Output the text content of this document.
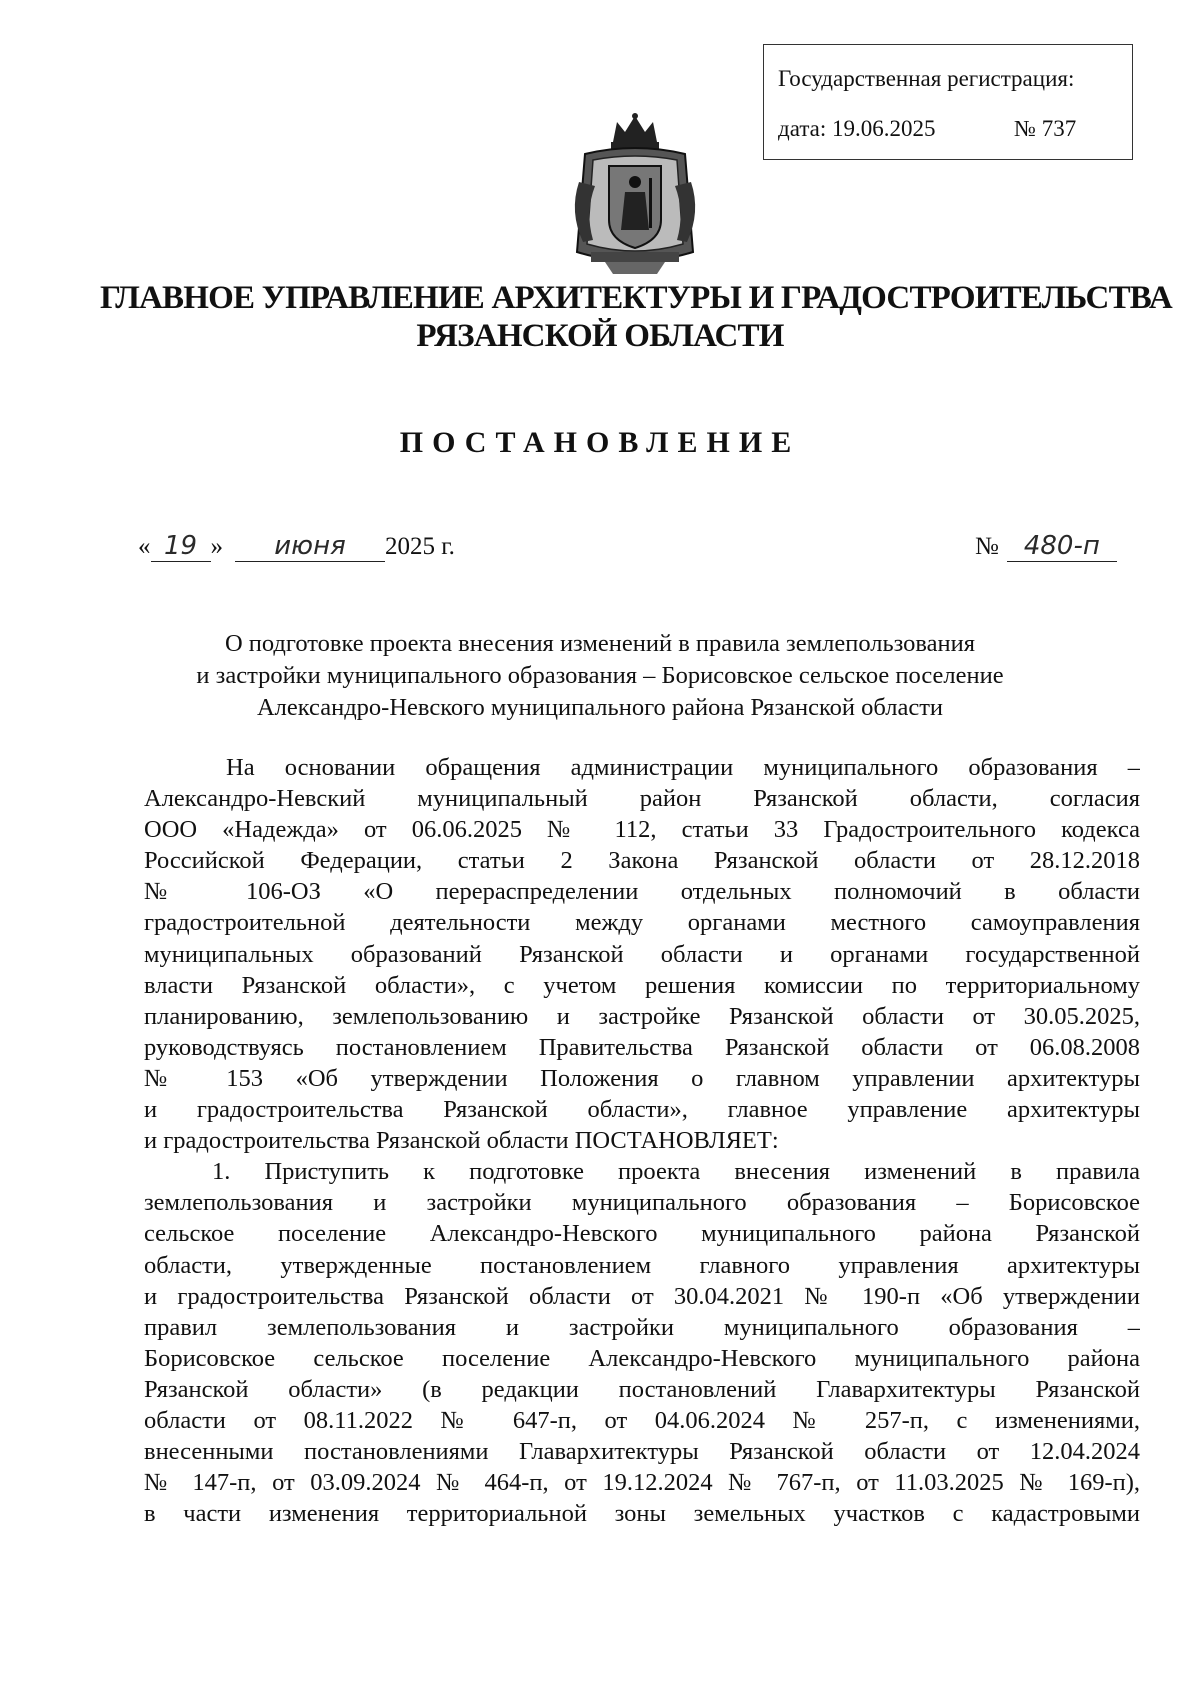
Государственная регистрация:
дата: 19.06.2025	№ 737
ГЛАВНОЕ УПРАВЛЕНИЕ АРХИТЕКТУРЫ И ГРАДОСТРОИТЕЛЬСТВА
РЯЗАНСКОЙ ОБЛАСТИ
ПОСТАНОВЛЕНИЕ
« 19 » июня 2025 г.	№ 480-п
О подготовке проекта внесения изменений в правила землепользования
и застройки муниципального образования – Борисовское сельское поселение
Александро-Невского муниципального района Рязанской области
На основании обращения администрации муниципального образования –
Александро-Невский муниципальный район Рязанской области, согласия
ООО «Надежда» от 06.06.2025 № 112, статьи 33 Градостроительного кодекса
Российской Федерации, статьи 2 Закона Рязанской области от 28.12.2018
№ 106-ОЗ «О перераспределении отдельных полномочий в области
градостроительной деятельности между органами местного самоуправления
муниципальных образований Рязанской области и органами государственной
власти Рязанской области», с учетом решения комиссии по территориальному
планированию, землепользованию и застройке Рязанской области от 30.05.2025,
руководствуясь постановлением Правительства Рязанской области от 06.08.2008
№ 153 «Об утверждении Положения о главном управлении архитектуры
и градостроительства Рязанской области», главное управление архитектуры
и градостроительства Рязанской области ПОСТАНОВЛЯЕТ:
1. Приступить к подготовке проекта внесения изменений в правила
землепользования и застройки муниципального образования – Борисовское
сельское поселение Александро-Невского муниципального района Рязанской
области, утвержденные постановлением главного управления архитектуры
и градостроительства Рязанской области от 30.04.2021 № 190-п «Об утверждении
правил землепользования и застройки муниципального образования –
Борисовское сельское поселение Александро-Невского муниципального района
Рязанской области» (в редакции постановлений Главархитектуры Рязанской
области от 08.11.2022 № 647-п, от 04.06.2024 № 257-п, с изменениями,
внесенными постановлениями Главархитектуры Рязанской области от 12.04.2024
№ 147-п, от 03.09.2024 № 464-п, от 19.12.2024 № 767-п, от 11.03.2025 № 169-п),
в части изменения территориальной зоны земельных участков с кадастровыми
